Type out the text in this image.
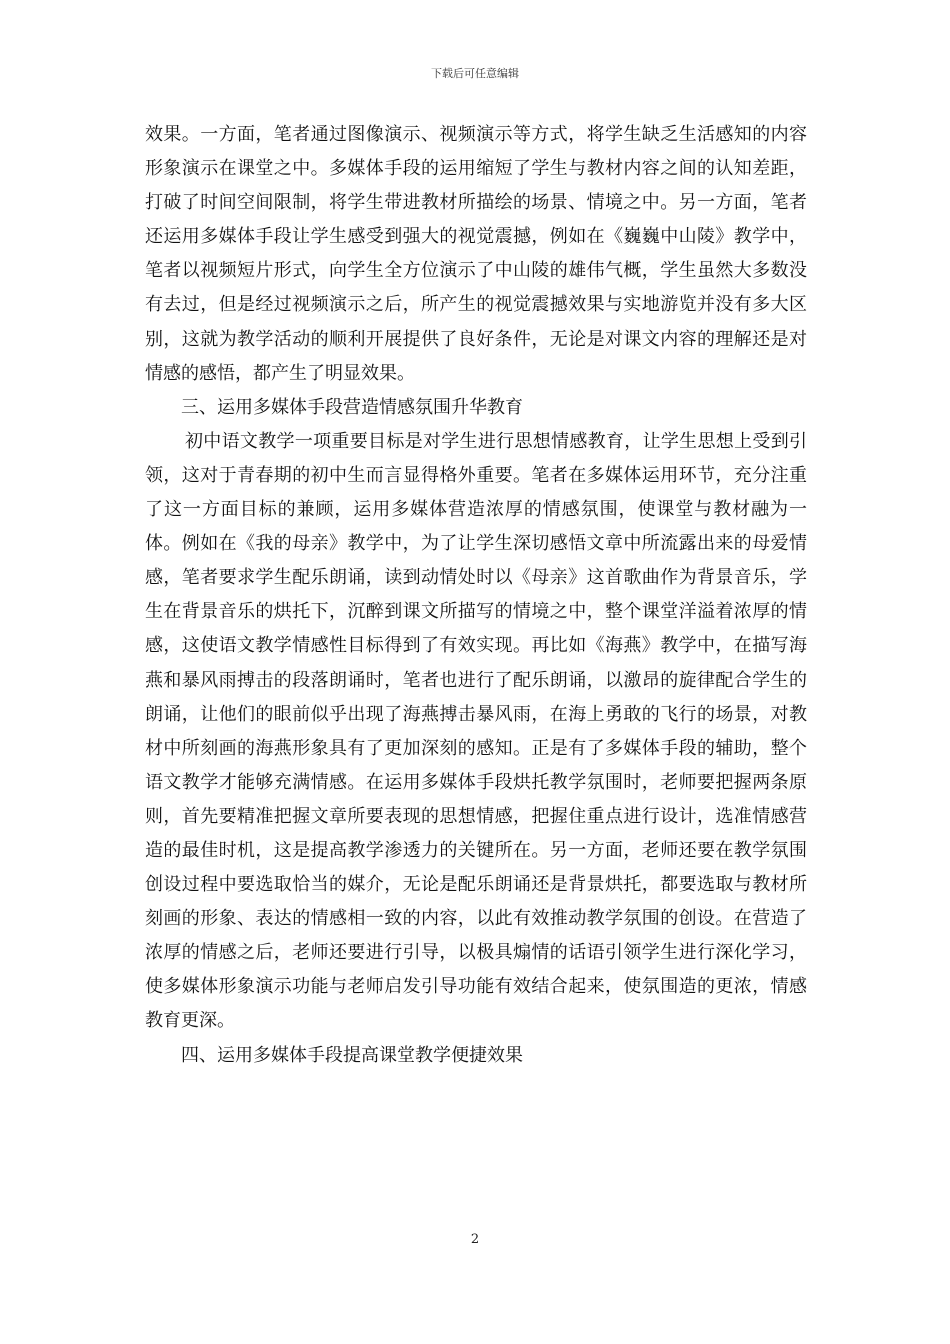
下载后可任意编辑

效果。一方面，笔者通过图像演示、视频演示等方式，将学生缺乏生活感知的内容形象演示在课堂之中。多媒体手段的运用缩短了学生与教材内容之间的认知差距，打破了时间空间限制，将学生带进教材所描绘的场景、情境之中。另一方面，笔者还运用多媒体手段让学生感受到强大的视觉震撼，例如在《巍巍中山陵》教学中，笔者以视频短片形式，向学生全方位演示了中山陵的雄伟气概，学生虽然大多数没有去过，但是经过视频演示之后，所产生的视觉震撼效果与实地游览并没有多大区别，这就为教学活动的顺利开展提供了良好条件，无论是对课文内容的理解还是对情感的感悟，都产生了明显效果。

三、运用多媒体手段营造情感氛围升华教育

初中语文教学一项重要目标是对学生进行思想情感教育，让学生思想上受到引领，这对于青春期的初中生而言显得格外重要。笔者在多媒体运用环节，充分注重了这一方面目标的兼顾，运用多媒体营造浓厚的情感氛围，使课堂与教材融为一体。例如在《我的母亲》教学中，为了让学生深切感悟文章中所流露出来的母爱情感，笔者要求学生配乐朗诵，读到动情处时以《母亲》这首歌曲作为背景音乐，学生在背景音乐的烘托下，沉醉到课文所描写的情境之中，整个课堂洋溢着浓厚的情感，这使语文教学情感性目标得到了有效实现。再比如《海燕》教学中，在描写海燕和暴风雨搏击的段落朗诵时，笔者也进行了配乐朗诵，以激昂的旋律配合学生的朗诵，让他们的眼前似乎出现了海燕搏击暴风雨，在海上勇敢的飞行的场景，对教材中所刻画的海燕形象具有了更加深刻的感知。正是有了多媒体手段的辅助，整个语文教学才能够充满情感。在运用多媒体手段烘托教学氛围时，老师要把握两条原则，首先要精准把握文章所要表现的思想情感，把握住重点进行设计，选准情感营造的最佳时机，这是提高教学渗透力的关键所在。另一方面，老师还要在教学氛围创设过程中要选取恰当的媒介，无论是配乐朗诵还是背景烘托，都要选取与教材所刻画的形象、表达的情感相一致的内容，以此有效推动教学氛围的创设。在营造了浓厚的情感之后，老师还要进行引导，以极具煽情的话语引领学生进行深化学习，使多媒体形象演示功能与老师启发引导功能有效结合起来，使氛围造的更浓，情感教育更深。

四、运用多媒体手段提高课堂教学便捷效果

2
